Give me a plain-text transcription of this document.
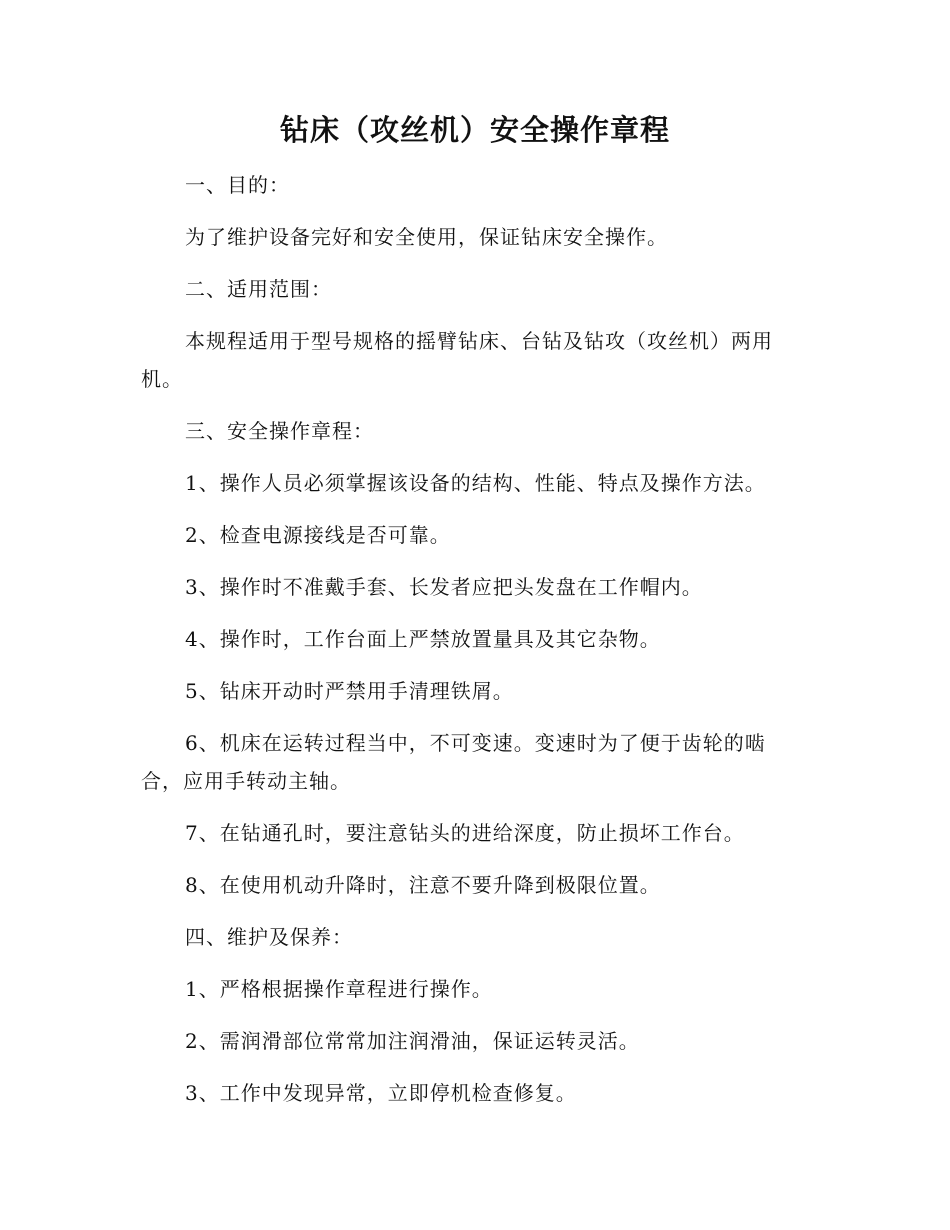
钻床（攻丝机）安全操作章程

一、目的：

为了维护设备完好和安全使用，保证钻床安全操作。

二、适用范围：

本规程适用于型号规格的摇臂钻床、台钻及钻攻（攻丝机）两用机。

三、安全操作章程：

1、操作人员必须掌握该设备的结构、性能、特点及操作方法。

2、检查电源接线是否可靠。

3、操作时不准戴手套、长发者应把头发盘在工作帽内。

4、操作时，工作台面上严禁放置量具及其它杂物。

5、钻床开动时严禁用手清理铁屑。

6、机床在运转过程当中，不可变速。变速时为了便于齿轮的啮合，应用手转动主轴。

7、在钻通孔时，要注意钻头的进给深度，防止损坏工作台。

8、在使用机动升降时，注意不要升降到极限位置。

四、维护及保养：

1、严格根据操作章程进行操作。

2、需润滑部位常常加注润滑油，保证运转灵活。

3、工作中发现异常，立即停机检查修复。
